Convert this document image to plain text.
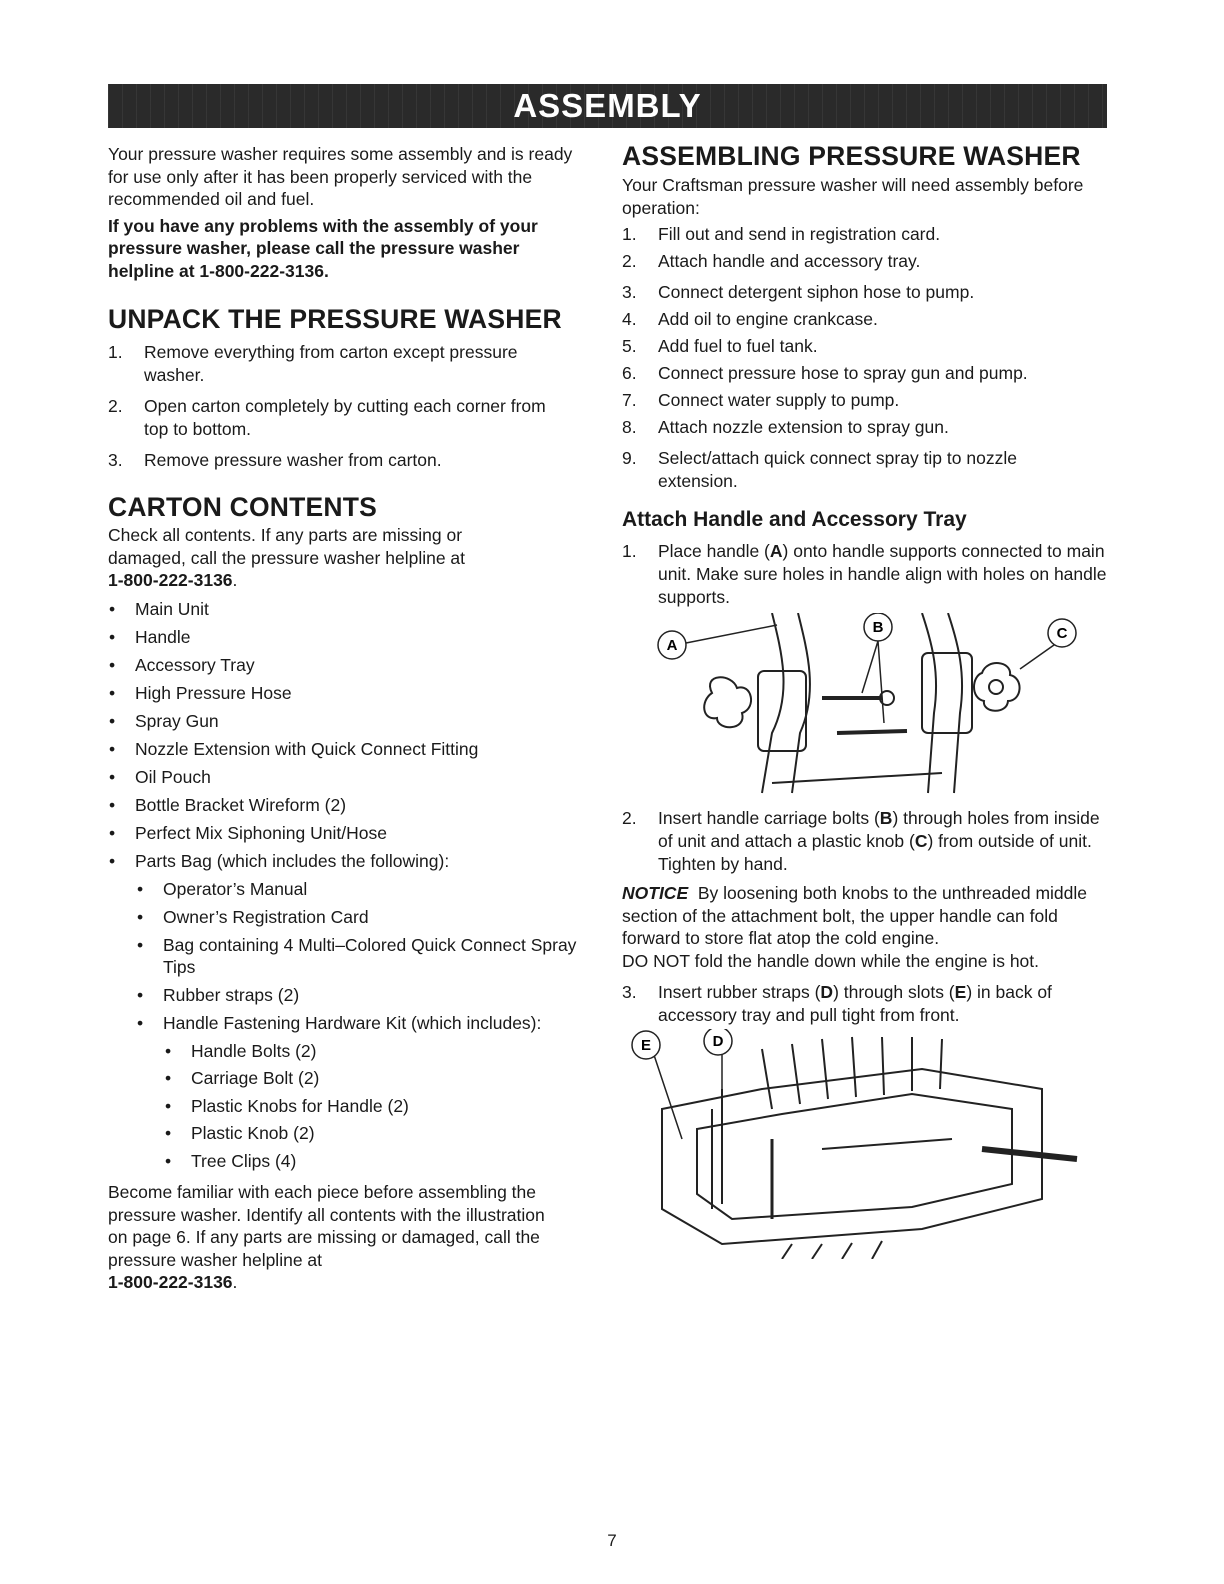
ASSEMBLY

Your pressure washer requires some assembly and is ready for use only after it has been properly serviced with the recommended oil and fuel.

If you have any problems with the assembly of your pressure washer, please call the pressure washer helpline at 1-800-222-3136.

UNPACK THE PRESSURE WASHER
1. Remove everything from carton except pressure washer.
2. Open carton completely by cutting each corner from top to bottom.
3. Remove pressure washer from carton.
CARTON CONTENTS

Check all contents. If any parts are missing or damaged, call the pressure washer helpline at
1-800-222-3136.

• Main Unit
• Handle
• Accessory Tray
• High Pressure Hose
• Spray Gun
• Nozzle Extension with Quick Connect Fitting
• Oil Pouch
• Bottle Bracket Wireform (2)
• Perfect Mix Siphoning Unit/Hose
• Parts Bag (which includes the following):
• Operator’s Manual
• Owner’s Registration Card
• Bag containing 4 Multi–Colored Quick Connect Spray Tips
• Rubber straps (2)
• Handle Fastening Hardware Kit (which includes):
• Handle Bolts (2)
• Carriage Bolt (2)
• Plastic Knobs for Handle (2)
• Plastic Knob (2)
• Tree Clips (4)

Become familiar with each piece before assembling the pressure washer. Identify all contents with the illustration on page 6. If any parts are missing or damaged, call the pressure washer helpline at
1-800-222-3136.

ASSEMBLING PRESSURE WASHER

Your Craftsman pressure washer will need assembly before operation:

1. Fill out and send in registration card.
2. Attach handle and accessory tray.
3. Connect detergent siphon hose to pump.
4. Add oil to engine crankcase.
5. Add fuel to fuel tank.
6. Connect pressure hose to spray gun and pump.
7. Connect water supply to pump.
8. Attach nozzle extension to spray gun.
9. Select/attach quick connect spray tip to nozzle extension.
Attach Handle and Accessory Tray
1. Place handle (A) onto handle supports connected to main unit. Make sure holes in handle align with holes on handle supports.
A
B	C
2. Insert handle carriage bolts (B) through holes from inside of unit and attach a plastic knob (C) from outside of unit. Tighten by hand.

NOTICE By loosening both knobs to the unthreaded middle section of the attachment bolt, the upper handle can fold forward to store flat atop the cold engine.
DO NOT fold the handle down while the engine is hot.

3. Insert rubber straps (D) through slots (E) in back of accessory tray and pull tight from front.
E	D
7
